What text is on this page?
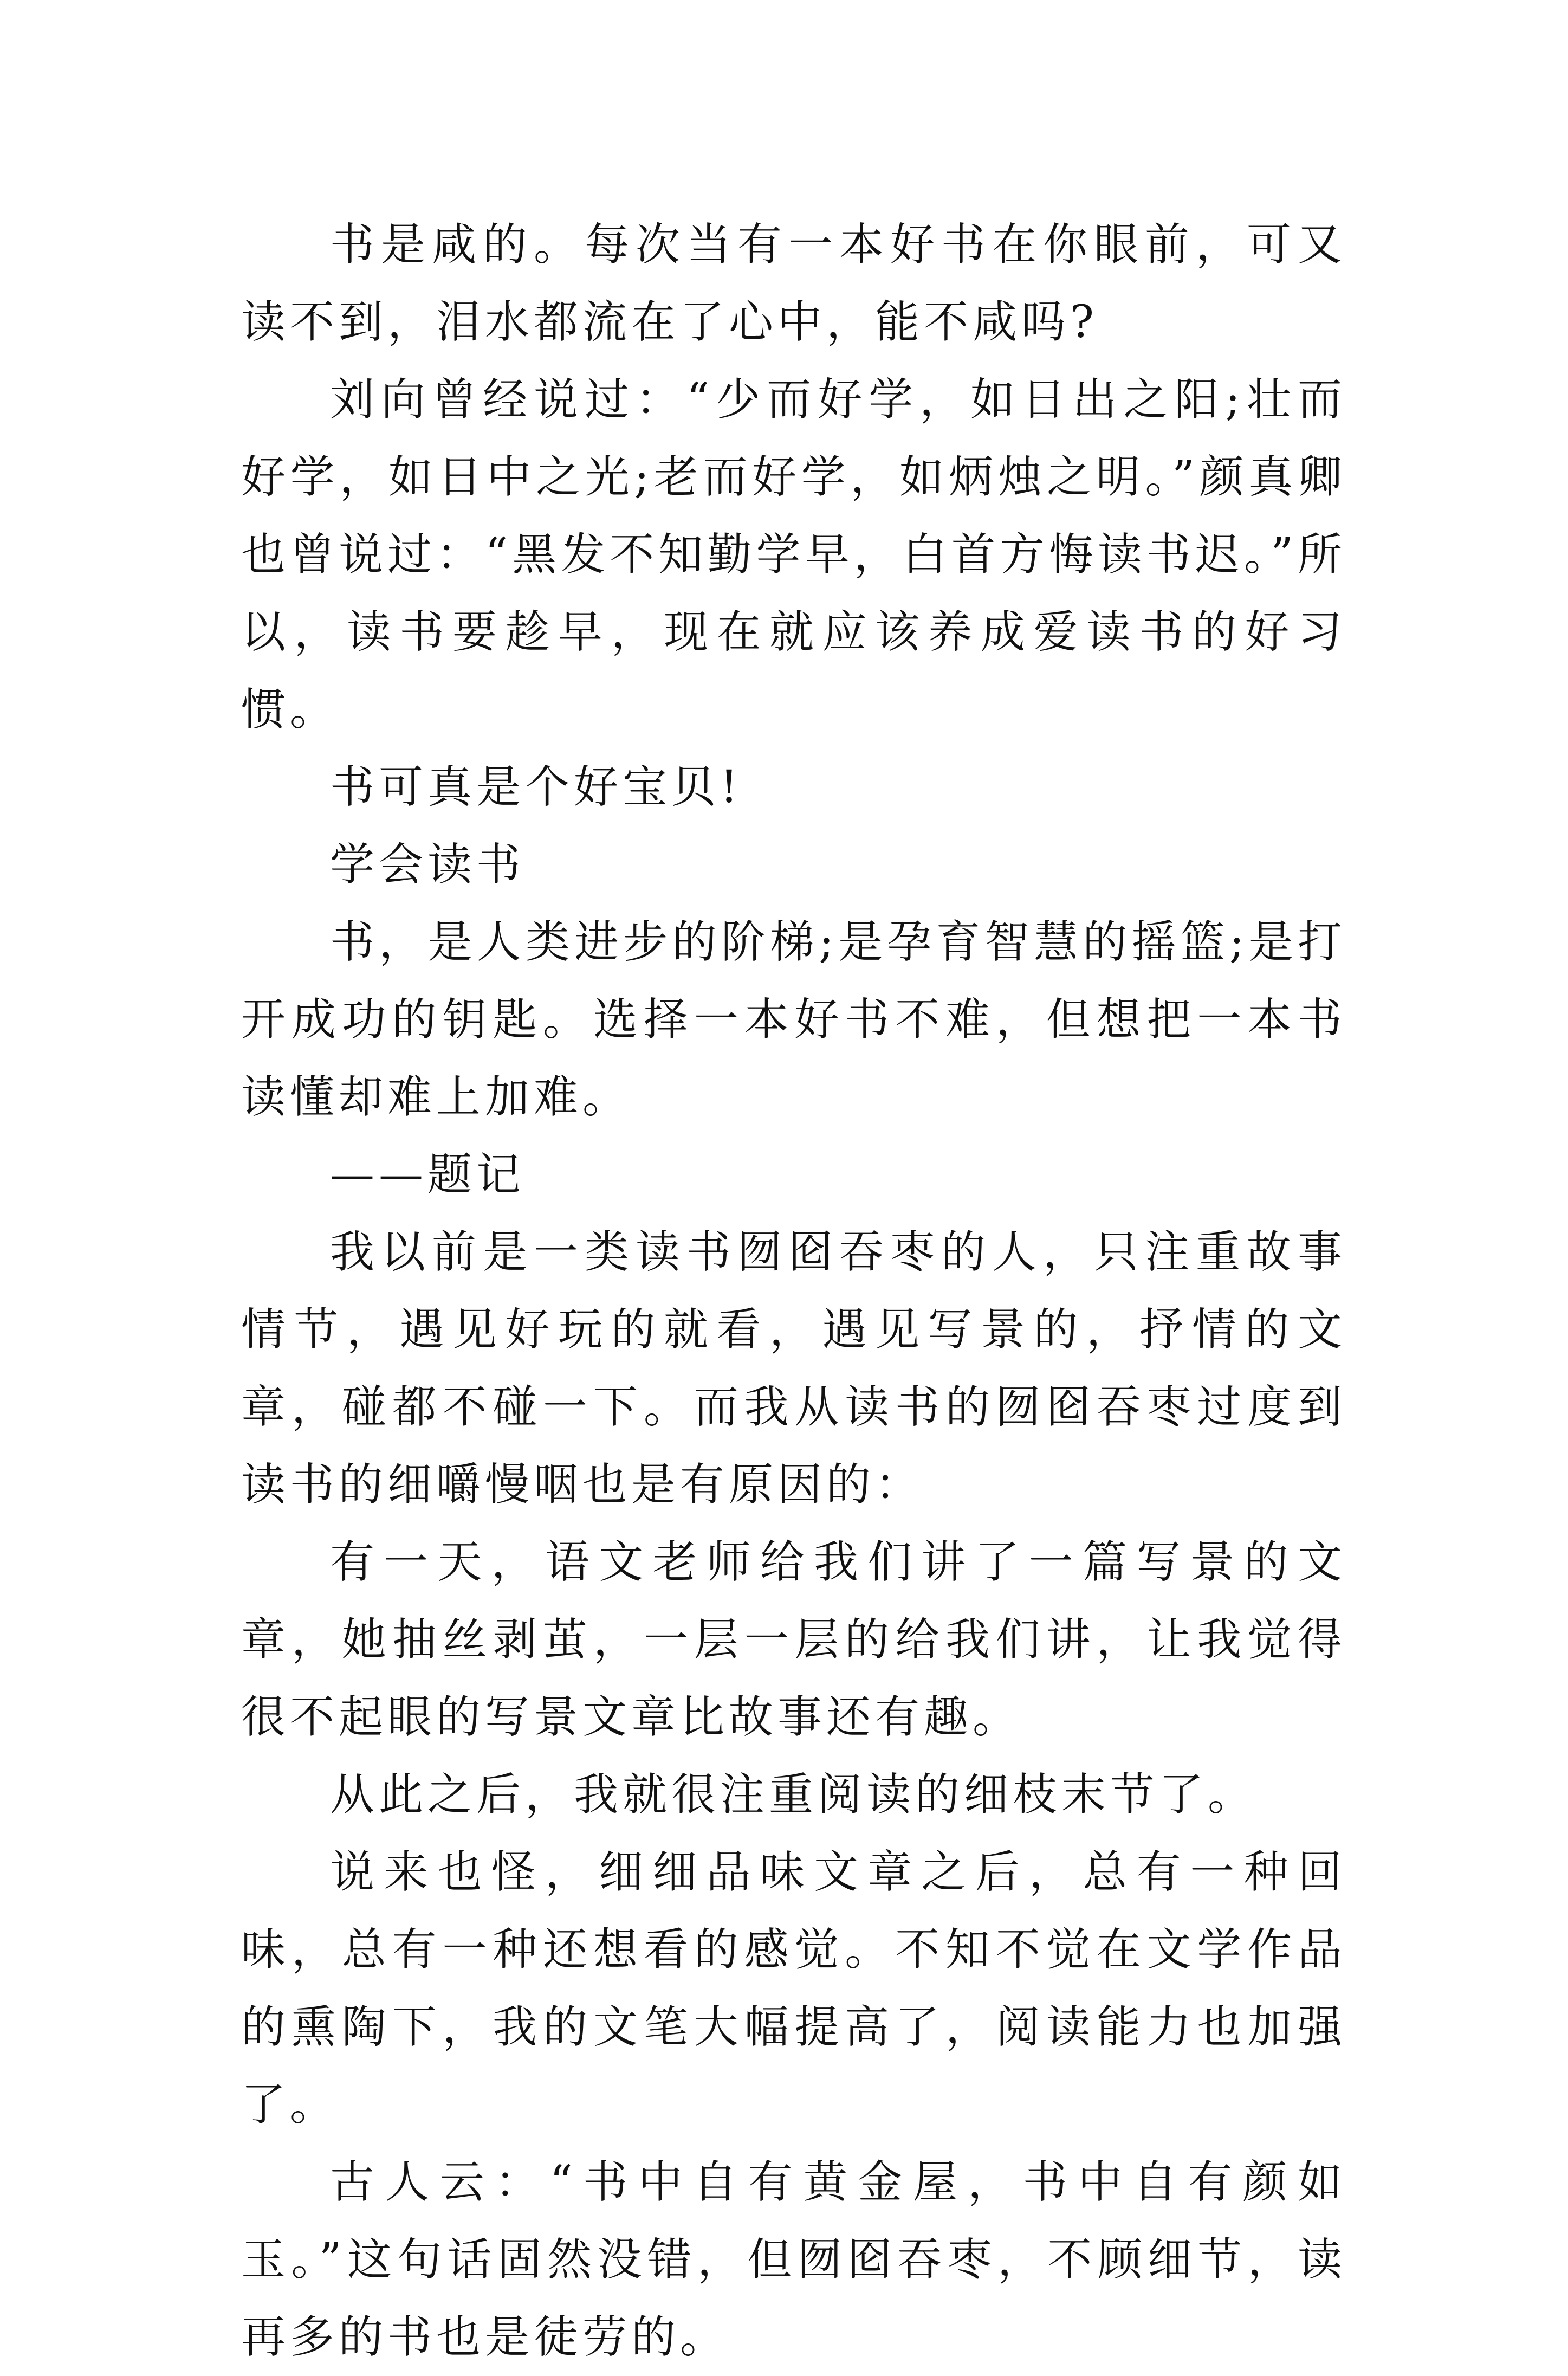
书是咸的。每次当有一本好书在你眼前，可又读不到，泪水都流在了心中，能不咸吗?

刘向曾经说过：“少而好学，如日出之阳;壮而好学，如日中之光;老而好学，如炳烛之明。”颜真卿也曾说过：“黑发不知勤学早，白首方悔读书迟。”所以，读书要趁早，现在就应该养成爱读书的好习惯。

书可真是个好宝贝!

学会读书

书，是人类进步的阶梯;是孕育智慧的摇篮;是打开成功的钥匙。选择一本好书不难，但想把一本书读懂却难上加难。

——题记

我以前是一类读书囫囵吞枣的人，只注重故事情节，遇见好玩的就看，遇见写景的，抒情的文章，碰都不碰一下。而我从读书的囫囵吞枣过度到读书的细嚼慢咽也是有原因的：

有一天，语文老师给我们讲了一篇写景的文章，她抽丝剥茧，一层一层的给我们讲，让我觉得很不起眼的写景文章比故事还有趣。

从此之后，我就很注重阅读的细枝末节了。

说来也怪，细细品味文章之后，总有一种回味，总有一种还想看的感觉。不知不觉在文学作品的熏陶下，我的文笔大幅提高了，阅读能力也加强了。

古人云：“书中自有黄金屋，书中自有颜如玉。”这句话固然没错，但囫囵吞枣，不顾细节，读再多的书也是徒劳的。
